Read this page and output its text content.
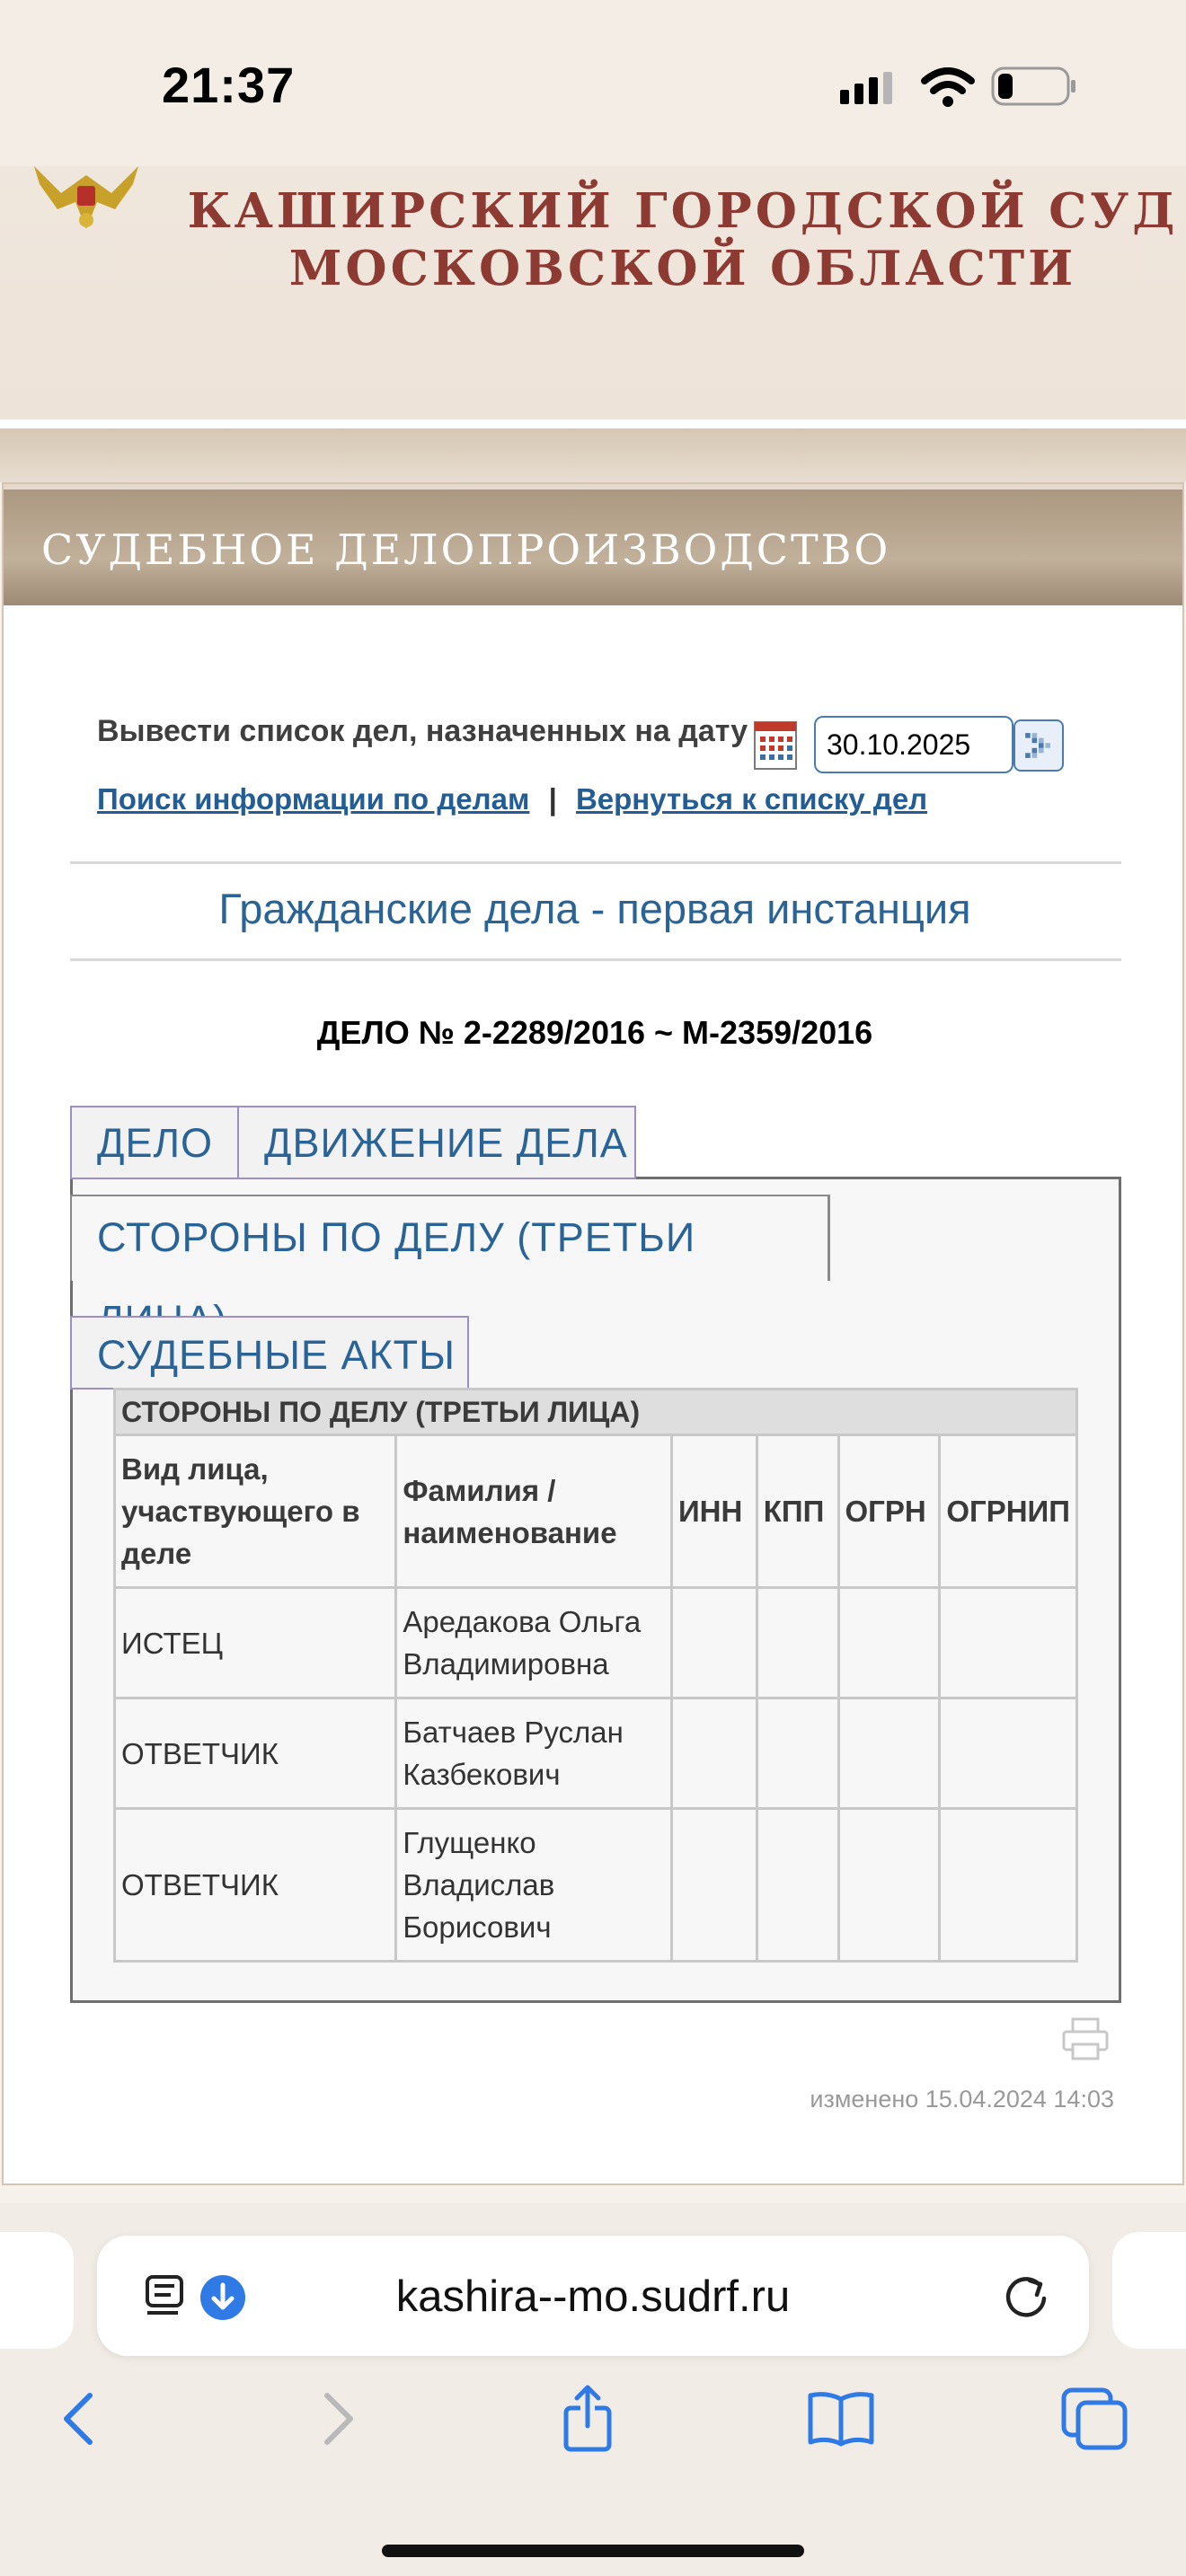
21:37
КАШИРСКИЙ ГОРОДСКОЙ СУД
МОСКОВСКОЙ ОБЛАСТИ
СУДЕБНОЕ ДЕЛОПРОИЗВОДСТВО
Вывести список дел, назначенных на дату
30.10.2025
Поиск информации по делам | Вернуться к списку дел
Гражданские дела - первая инстанция
ДЕЛО № 2-2289/2016 ~ М-2359/2016
ДЕЛО	ДВИЖЕНИЕ ДЕЛА
СТОРОНЫ ПО ДЕЛУ (ТРЕТЬИ
СУДЕБНЫЕ АКТЫ
СТОРОНЫ ПО ДЕЛУ (ТРЕТЬИ ЛИЦА)					
Вид лица, участвующего в деле	Фамилия / наименование	ИНН	КПП	ОГРН	ОГРНИП
ИСТЕЦ	Аредакова Ольга Владимировна				
ОТВЕТЧИК	Батчаев Руслан Казбекович				
ОТВЕТЧИК	Глущенко Владислав Борисович				
изменено 15.04.2024 14:03
kashira--mo.sudrf.ru
